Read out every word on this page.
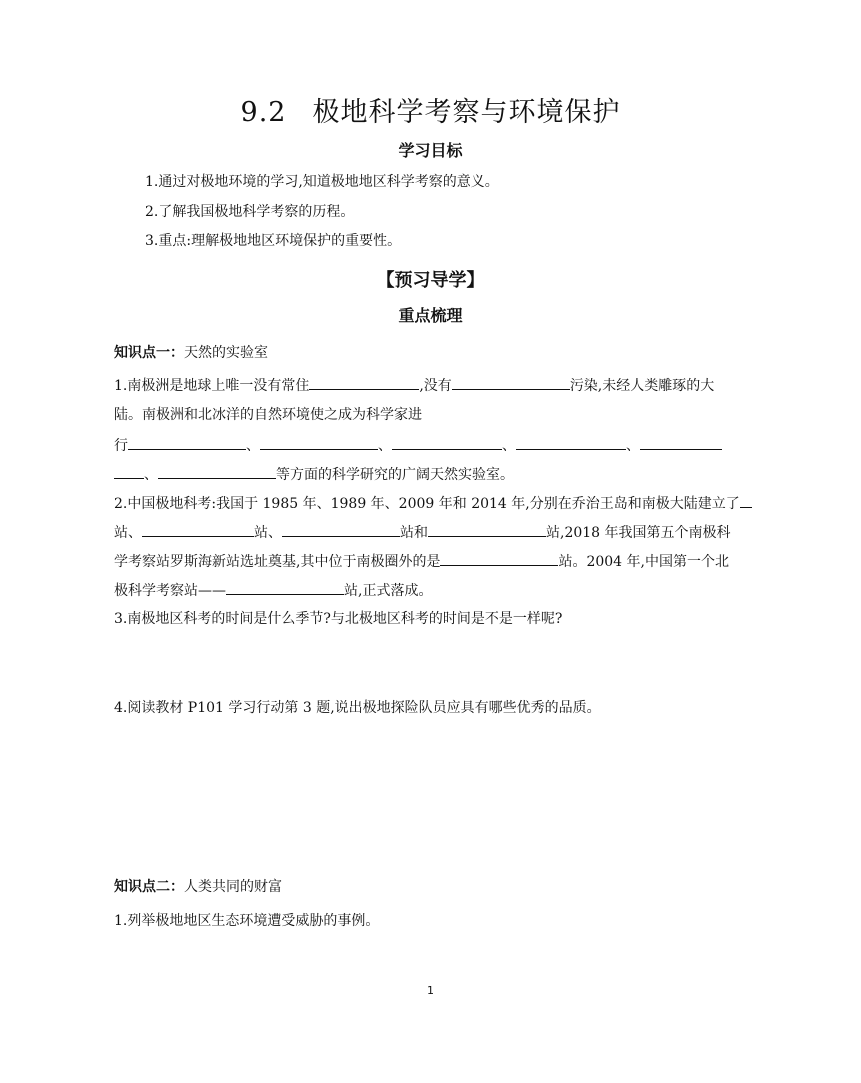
9.2 极地科学考察与环境保护
学习目标
1.通过对极地环境的学习,知道极地地区科学考察的意义。
2.了解我国极地科学考察的历程。
3.重点:理解极地地区环境保护的重要性。
【预习导学】
重点梳理
知识点一：天然的实验室
1.南极洲是地球上唯一没有常住	,没有	污染,未经人类雕琢的大
陆。南极洲和北冰洋的自然环境使之成为科学家进
行	、	、	、	、
、	等方面的科学研究的广阔天然实验室。
2.中国极地科考:我国于 1985 年、1989 年、2009 年和 2014 年,分别在乔治王岛和南极大陆建立了
站、	站、	站和	站,2018 年我国第五个南极科
学考察站罗斯海新站选址奠基,其中位于南极圈外的是	站。2004 年,中国第一个北
极科学考察站——	站,正式落成。
3.南极地区科考的时间是什么季节?与北极地区科考的时间是不是一样呢?
4.阅读教材 P101 学习行动第 3 题,说出极地探险队员应具有哪些优秀的品质。
知识点二：人类共同的财富
1.列举极地地区生态环境遭受威胁的事例。
1
